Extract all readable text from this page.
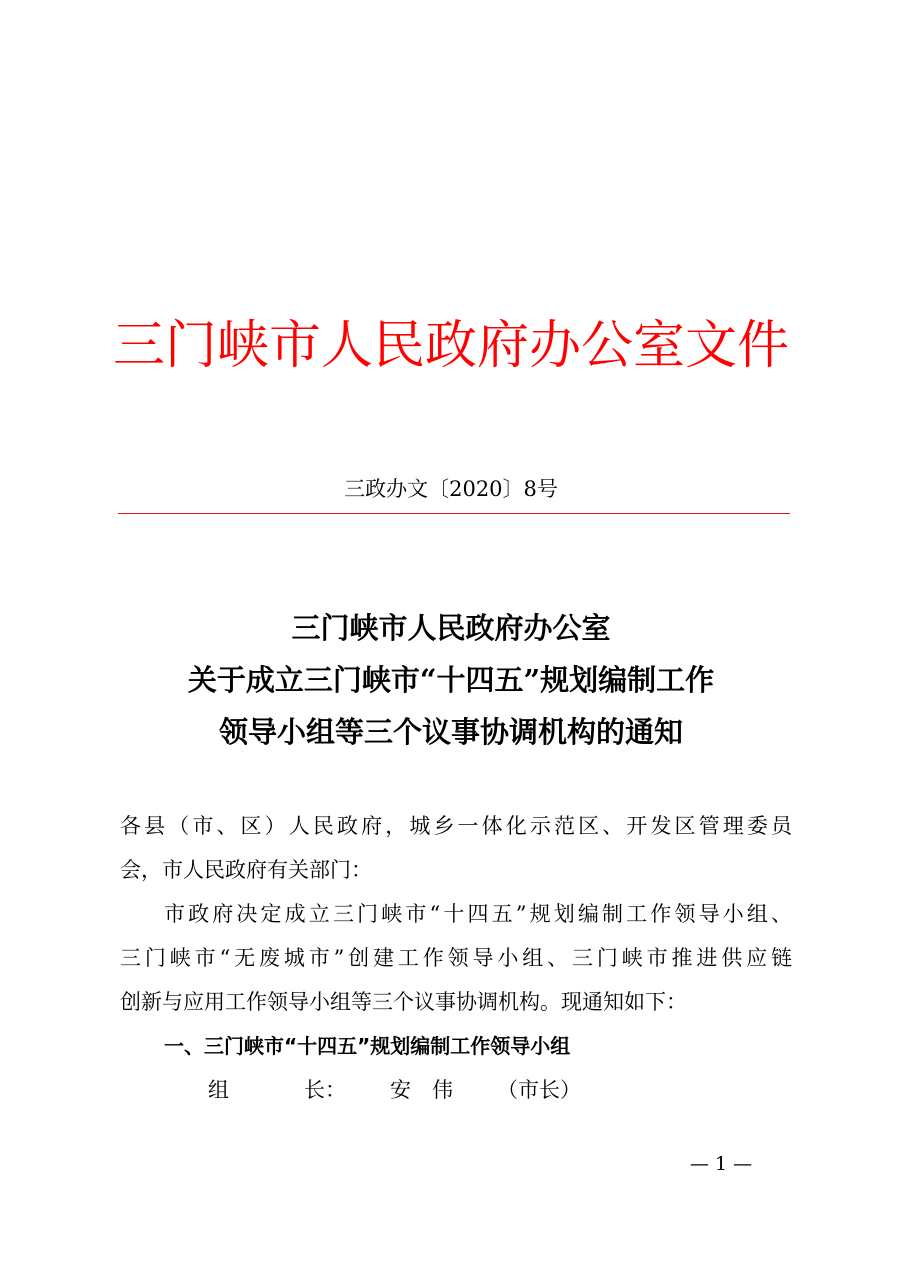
三门峡市人民政府办公室文件
三政办文〔2020〕8号
三门峡市人民政府办公室
关于成立三门峡市“十四五”规划编制工作
领导小组等三个议事协调机构的通知

各县（市、区）人民政府，城乡一体化示范区、开发区管理委员

会，市人民政府有关部门：

市政府决定成立三门峡市“十四五”规划编制工作领导小组、

三门峡市“无废城市”创建工作领导小组、三门峡市推进供应链

创新与应用工作领导小组等三个议事协调机构。现通知如下：

一、三门峡市“十四五”规划编制工作领导小组

组	长： 安　伟 （市长）

— 1 —
